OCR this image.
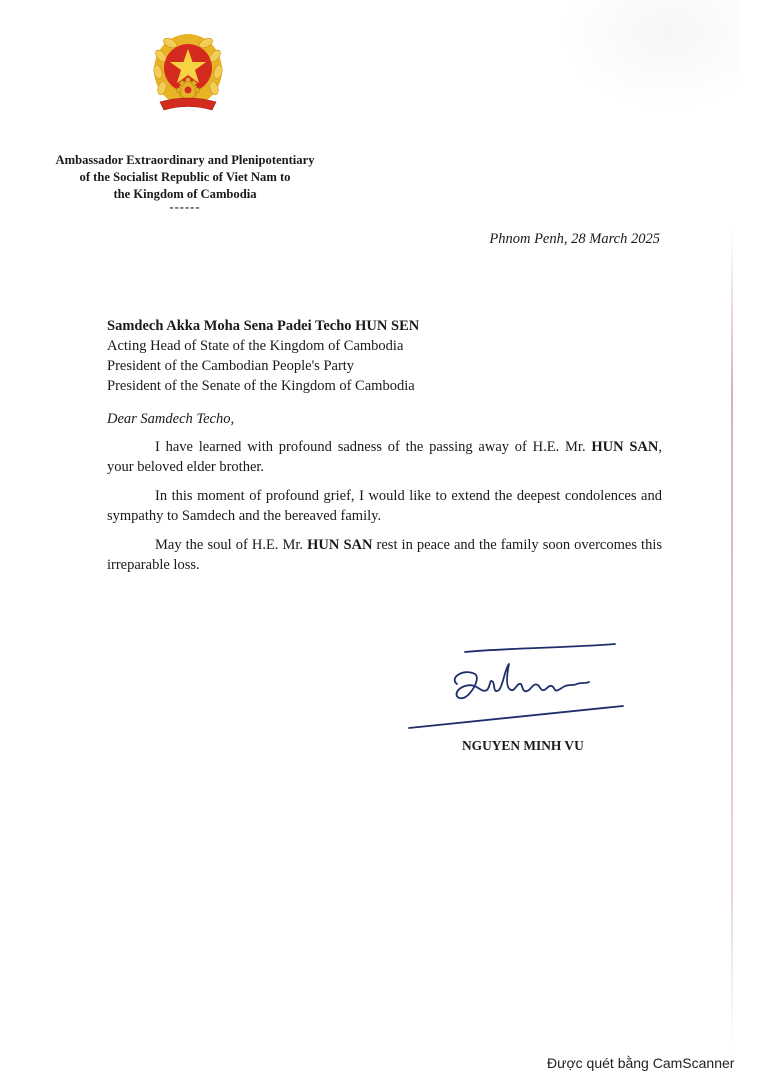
Ambassador Extraordinary and Plenipotentiary
of the Socialist Republic of Viet Nam to
the Kingdom of Cambodia
------
Phnom Penh, 28 March 2025
Samdech Akka Moha Sena Padei Techo HUN SEN
Acting Head of State of the Kingdom of Cambodia
President of the Cambodian People's Party
President of the Senate of the Kingdom of Cambodia
Dear Samdech Techo,

I have learned with profound sadness of the passing away of H.E. Mr. HUN SAN, your beloved elder brother.

In this moment of profound grief, I would like to extend the deepest condolences and sympathy to Samdech and the bereaved family.

May the soul of H.E. Mr. HUN SAN rest in peace and the family soon overcomes this irreparable loss.

NGUYEN MINH VU
Được quét bằng CamScanner
